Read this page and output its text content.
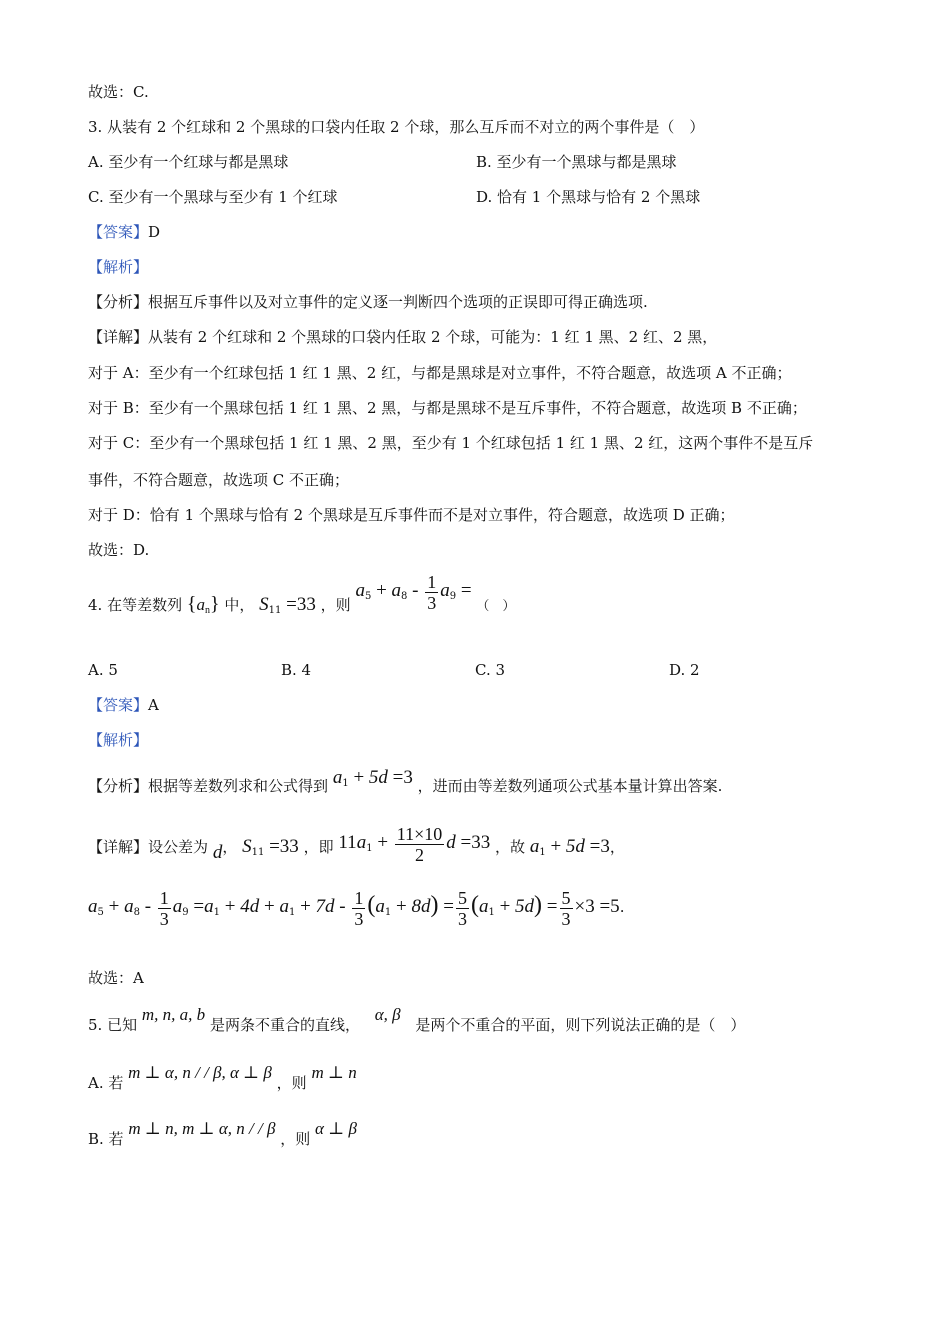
故选：C.
3. 从装有 2 个红球和 2 个黑球的口袋内任取 2 个球，那么互斥而不对立的两个事件是（　）
A. 至少有一个红球与都是黑球	B. 至少有一个黑球与都是黑球
C. 至少有一个黑球与至少有 1 个红球	D. 恰有 1 个黑球与恰有 2 个黑球
【答案】D
【解析】
【分析】根据互斥事件以及对立事件的定义逐一判断四个选项的正误即可得正确选项.
【详解】从装有 2 个红球和 2 个黑球的口袋内任取 2 个球，可能为：1 红 1 黑、2 红、2 黑，
对于 A：至少有一个红球包括 1 红 1 黑、2 红，与都是黑球是对立事件，不符合题意，故选项 A 不正确；
对于 B：至少有一个黑球包括 1 红 1 黑、2 黑，与都是黑球不是互斥事件，不符合题意，故选项 B 不正确；
对于 C：至少有一个黑球包括 1 红 1 黑、2 黑，至少有 1 个红球包括 1 红 1 黑、2 红，这两个事件不是互斥
事件，不符合题意，故选项 C 不正确；
对于 D：恰有 1 个黑球与恰有 2 个黑球是互斥事件而不是对立事件，符合题意，故选项 D 正确；
故选：D.
4. 在等差数列 $\{a_n\}$ 中， $S_{11} =33$ ，则 $a_5 + a_8 - \frac{1}{3} a_9$ = （　）
A. 5	B. 4	C. 3	D. 2
【答案】A
【解析】
【分析】根据等差数列求和公式得到 $a_1 + 5d =3$ ，进而由等差数列通项公式基本量计算出答案.
【详解】设公差为 d， $S_{11} =33$ ，即 $11a_1 + \frac{11\times 10}{2}$ d =33 ，故 $a_1 + 5d =3$，
$a_5 + a_8 - \frac{1}{3} a_9 =a_1 + 4d + a_1 + 7d - \frac{1}{3} (a_1 + 8d) = \frac{5}{3} (a_1 + 5d) = \frac{5}{3} \times 3 =5$.
故选：A
5. 已知 m, n, a, b 是两条不重合的直线， α, β 是两个不重合的平面，则下列说法正确的是（　）
A. 若 m ⊥ α, n / / β, α ⊥ β ，则 m ⊥ n
B. 若 m ⊥ n, m ⊥ α, n / / β ，则 α ⊥ β
